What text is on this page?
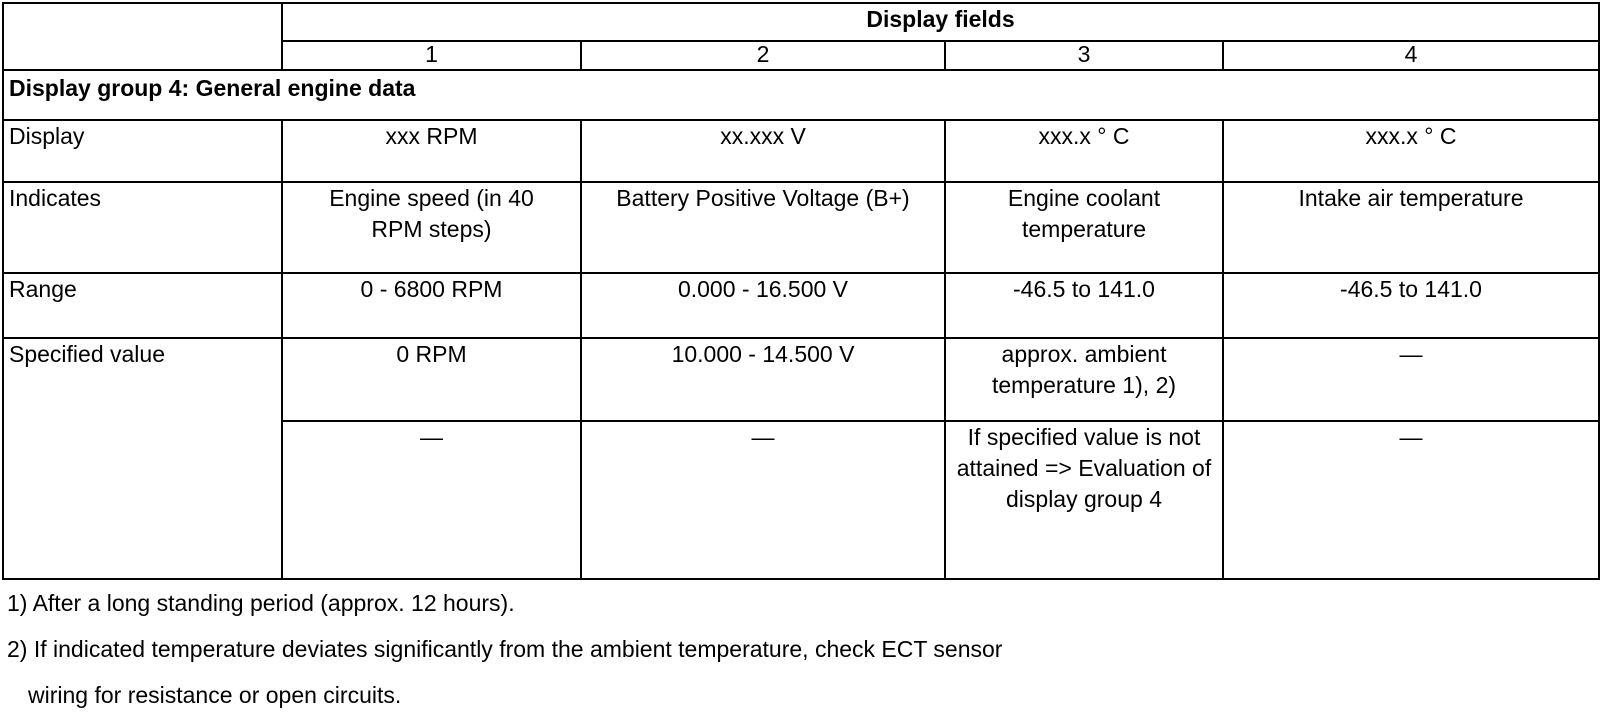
	Display fields			
	1	2	3	4
Display group 4: General engine data				
Display	xxx RPM	xx.xxx V	xxx.x ° C	xxx.x ° C
Indicates	Engine speed (in 40 RPM steps)	Battery Positive Voltage (B+)	Engine coolant temperature	Intake air temperature
Range	0 - 6800 RPM	0.000 - 16.500 V	-46.5 to 141.0	-46.5 to 141.0
Specified value	0 RPM	10.000 - 14.500 V	approx. ambient temperature 1), 2)	—
	—	—	If specified value is not attained => Evaluation of display group 4	—

1) After a long standing period (approx. 12 hours).

2) If indicated temperature deviates significantly from the ambient temperature, check ECT sensor

wiring for resistance or open circuits.
